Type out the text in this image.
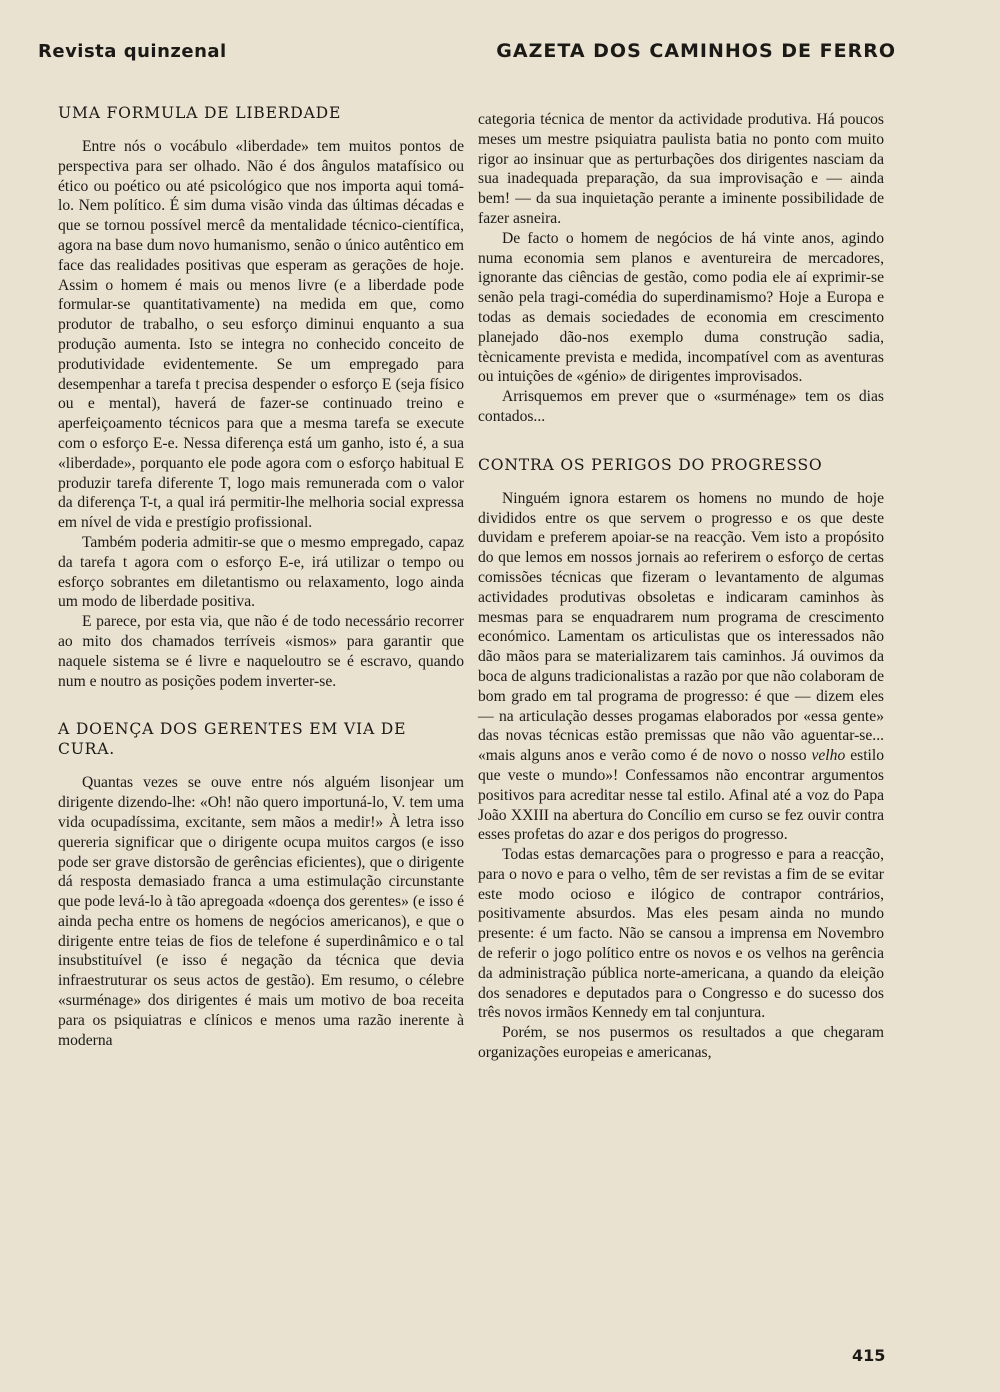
Revista quinzenal	GAZETA DOS CAMINHOS DE FERRO
UMA FORMULA DE LIBERDADE

Entre nós o vocábulo «liberdade» tem muitos pontos de perspectiva para ser olhado. Não é dos ângulos matafísico ou ético ou poético ou até psicológico que nos importa aqui tomá-lo. Nem político. É sim duma visão vinda das últimas décadas e que se tornou possível mercê da mentalidade técnico-científica, agora na base dum novo humanismo, senão o único autêntico em face das realidades positivas que esperam as gerações de hoje. Assim o homem é mais ou menos livre (e a liberdade pode formular-se quantitativamente) na medida em que, como produtor de trabalho, o seu esforço diminui enquanto a sua produção aumenta. Isto se integra no conhecido conceito de produtividade evidentemente. Se um empregado para desempenhar a tarefa t precisa despender o esforço E (seja físico ou e mental), haverá de fazer-se continuado treino e aperfeiçoamento técnicos para que a mesma tarefa se execute com o esforço E-e. Nessa diferença está um ganho, isto é, a sua «liberdade», porquanto ele pode agora com o esforço habitual E produzir tarefa diferente T, logo mais remunerada com o valor da diferença T-t, a qual irá permitir-lhe melhoria social expressa em nível de vida e prestígio profissional.

Também poderia admitir-se que o mesmo empregado, capaz da tarefa t agora com o esforço E-e, irá utilizar o tempo ou esforço sobrantes em diletantismo ou relaxamento, logo ainda um modo de liberdade positiva.

E parece, por esta via, que não é de todo necessário recorrer ao mito dos chamados terríveis «ismos» para garantir que naquele sistema se é livre e naqueloutro se é escravo, quando num e noutro as posições podem inverter-se.

A DOENÇA DOS GERENTES EM VIA DE CURA.

Quantas vezes se ouve entre nós alguém lisonjear um dirigente dizendo-lhe: «Oh! não quero importuná-lo, V. tem uma vida ocupadíssima, excitante, sem mãos a medir!» À letra isso quereria significar que o dirigente ocupa muitos cargos (e isso pode ser grave distorsão de gerências eficientes), que o dirigente dá resposta demasiado franca a uma estimulação circunstante que pode levá-lo à tão apregoada «doença dos gerentes» (e isso é ainda pecha entre os homens de negócios americanos), e que o dirigente entre teias de fios de telefone é superdinâmico e o tal insubstituível (e isso é negação da técnica que devia infraestruturar os seus actos de gestão). Em resumo, o célebre «surménage» dos dirigentes é mais um motivo de boa receita para os psiquiatras e clínicos e menos uma razão inerente à moderna

categoria técnica de mentor da actividade produtiva. Há poucos meses um mestre psiquiatra paulista batia no ponto com muito rigor ao insinuar que as perturbações dos dirigentes nasciam da sua inadequada preparação, da sua improvisação e — ainda bem! — da sua inquietação perante a iminente possibilidade de fazer asneira.

De facto o homem de negócios de há vinte anos, agindo numa economia sem planos e aventureira de mercadores, ignorante das ciências de gestão, como podia ele aí exprimir-se senão pela tragi-comédia do superdinamismo? Hoje a Europa e todas as demais sociedades de economia em crescimento planejado dão-nos exemplo duma construção sadia, tècnicamente prevista e medida, incompatível com as aventuras ou intuições de «génio» de dirigentes improvisados.

Arrisquemos em prever que o «surménage» tem os dias contados...

CONTRA OS PERIGOS DO PROGRESSO

Ninguém ignora estarem os homens no mundo de hoje divididos entre os que servem o progresso e os que deste duvidam e preferem apoiar-se na reacção. Vem isto a propósito do que lemos em nossos jornais ao referirem o esforço de certas comissões técnicas que fizeram o levantamento de algumas actividades produtivas obsoletas e indicaram caminhos às mesmas para se enquadrarem num programa de crescimento económico. Lamentam os articulistas que os interessados não dão mãos para se materializarem tais caminhos. Já ouvimos da boca de alguns tradicionalistas a razão por que não colaboram de bom grado em tal programa de progresso: é que — dizem eles — na articulação desses progamas elaborados por «essa gente» das novas técnicas estão premissas que não vão aguentar-se... «mais alguns anos e verão como é de novo o nosso velho estilo que veste o mundo»! Confessamos não encontrar argumentos positivos para acreditar nesse tal estilo. Afinal até a voz do Papa João XXIII na abertura do Concílio em curso se fez ouvir contra esses profetas do azar e dos perigos do progresso.

Todas estas demarcações para o progresso e para a reacção, para o novo e para o velho, têm de ser revistas a fim de se evitar este modo ocioso e ilógico de contrapor contrários, positivamente absurdos. Mas eles pesam ainda no mundo presente: é um facto. Não se cansou a imprensa em Novembro de referir o jogo político entre os novos e os velhos na gerência da administração pública norte-americana, a quando da eleição dos senadores e deputados para o Congresso e do sucesso dos três novos irmãos Kennedy em tal conjuntura.

Porém, se nos pusermos os resultados a que chegaram organizações europeias e americanas,

415
